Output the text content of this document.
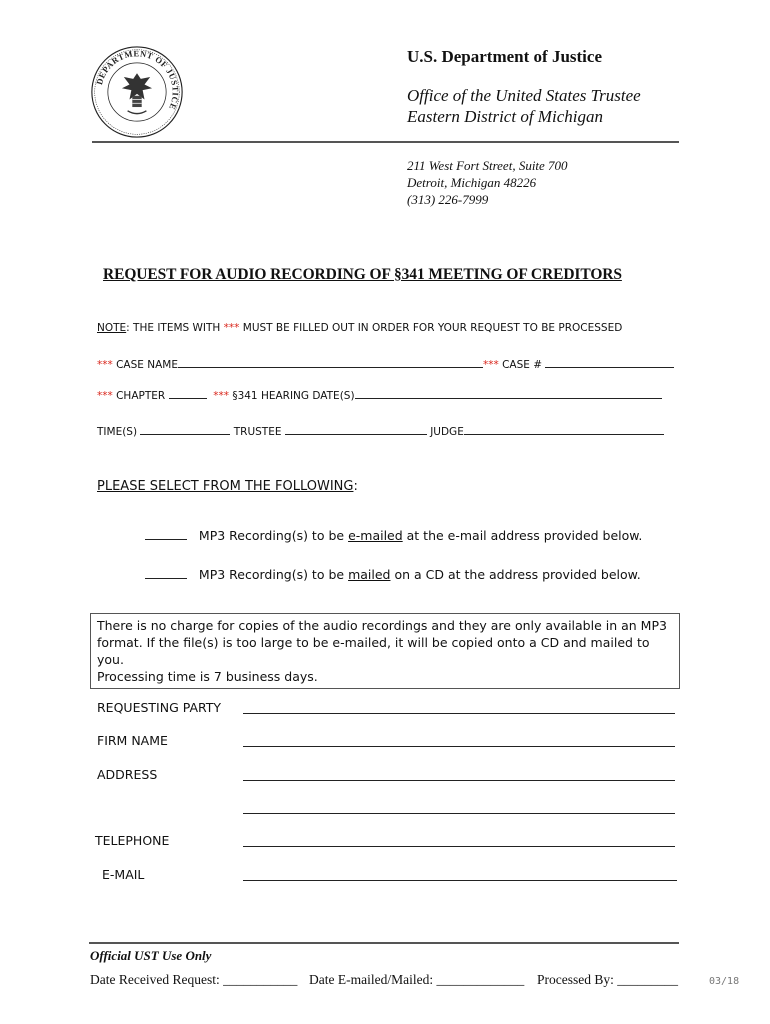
DEPARTMENT OF JUSTICE
U.S. Department of Justice
Office of the United States Trustee
Eastern District of Michigan
211 West Fort Street, Suite 700
Detroit, Michigan 48226
(313) 226-7999
REQUEST FOR AUDIO RECORDING OF §341 MEETING OF CREDITORS
NOTE: THE ITEMS WITH *** MUST BE FILLED OUT IN ORDER FOR YOUR REQUEST TO BE PROCESSED
*** CASE NAME	*** CASE #
*** CHAPTER	*** §341 HEARING DATE(S)
TIME(S)	TRUSTEE	JUDGE
PLEASE SELECT FROM THE FOLLOWING:
MP3 Recording(s) to be e-mailed at the e-mail address provided below.
MP3 Recording(s) to be mailed on a CD at the address provided below.
There is no charge for copies of the audio recordings and they are only available in an MP3
format. If the file(s) is too large to be e-mailed, it will be copied onto a CD and mailed to you.
Processing time is 7 business days.
REQUESTING PARTY
FIRM NAME
ADDRESS
TELEPHONE
E-MAIL
Official UST Use Only
Date Received Request: ___________ Date E-mailed/Mailed: _____________ Processed By: _________	03/18
